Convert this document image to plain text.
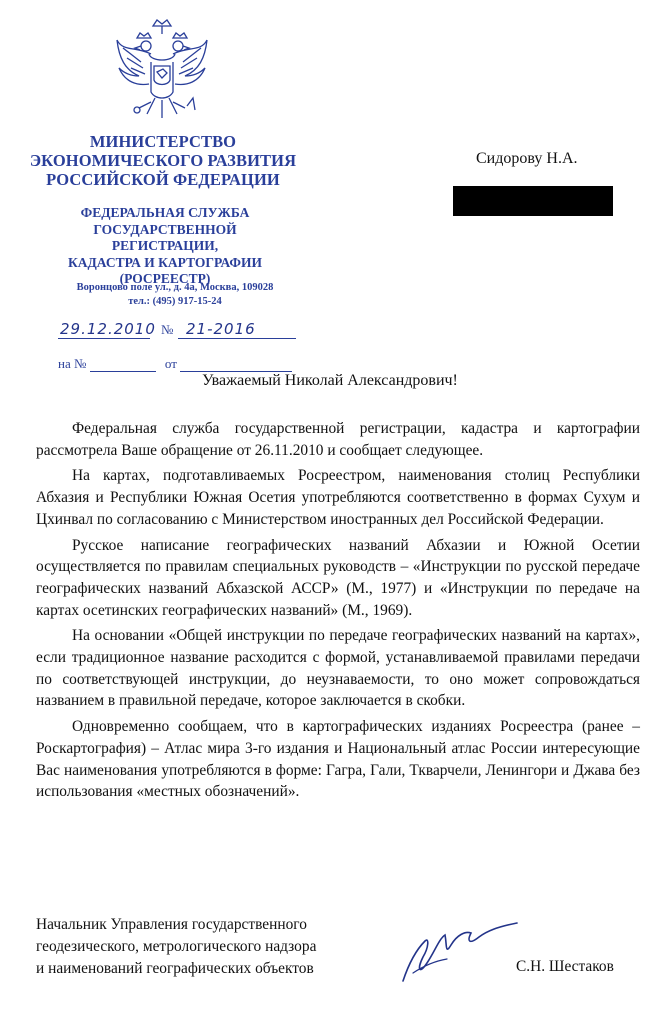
МИНИСТЕРСТВО
ЭКОНОМИЧЕСКОГО РАЗВИТИЯ
РОССИЙСКОЙ ФЕДЕРАЦИИ
ФЕДЕРАЛЬНАЯ СЛУЖБА
ГОСУДАРСТВЕННОЙ РЕГИСТРАЦИИ,
КАДАСТРА И КАРТОГРАФИИ
(РОСРЕЕСТР)
Воронцово поле ул., д. 4а, Москва, 109028
тел.: (495) 917-15-24
29.12.2010 № 21-2016
на №	от
Сидорову Н.А.
Уважаемый Николай Александрович!

Федеральная служба государственной регистрации, кадастра и картографии рассмотрела Ваше обращение от 26.11.2010 и сообщает следующее.

На картах, подготавливаемых Росреестром, наименования столиц Республики Абхазия и Республики Южная Осетия употребляются соответственно в формах Сухум и Цхинвал по согласованию с Министерством иностранных дел Российской Федерации.

Русское написание географических названий Абхазии и Южной Осетии осуществляется по правилам специальных руководств – «Инструкции по русской передаче географических названий Абхазской АССР» (М., 1977) и «Инструкции по передаче на картах осетинских географических названий» (М., 1969).

На основании «Общей инструкции по передаче географических названий на картах», если традиционное название расходится с формой, устанавливаемой правилами передачи по соответствующей инструкции, до неузнаваемости, то оно может сопровождаться названием в правильной передаче, которое заключается в скобки.

Одновременно сообщаем, что в картографических изданиях Росреестра (ранее – Роскартография) – Атлас мира 3-го издания и Национальный атлас России интересующие Вас наименования употребляются в форме: Гагра, Гали, Ткварчели, Ленингори и Джава без использования «местных обозначений».

Начальник Управления государственного
геодезического, метрологического надзора
и наименований географических объектов	С.Н. Шестаков
